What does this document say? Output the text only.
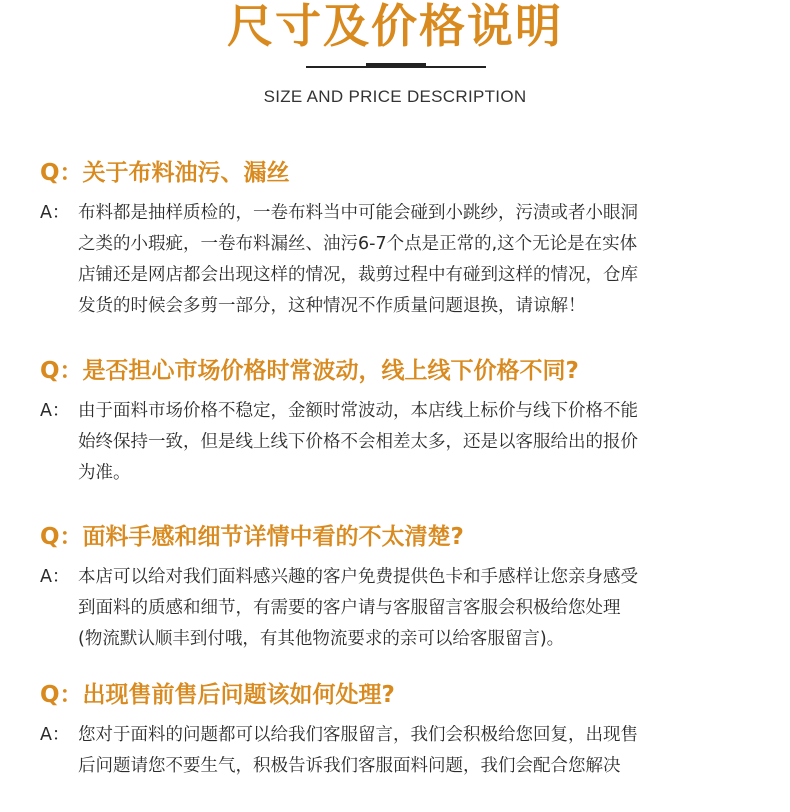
尺寸及价格说明
SIZE AND PRICE DESCRIPTION
Q：关于布料油污、漏丝
A： 布料都是抽样质检的，一卷布料当中可能会碰到小跳纱，污渍或者小眼洞
之类的小瑕疵，一卷布料漏丝、油污6-7个点是正常的,这个无论是在实体
店铺还是网店都会出现这样的情况，裁剪过程中有碰到这样的情况，仓库
发货的时候会多剪一部分，这种情况不作质量问题退换，请谅解！
Q：是否担心市场价格时常波动，线上线下价格不同?
A： 由于面料市场价格不稳定，金额时常波动，本店线上标价与线下价格不能
始终保持一致，但是线上线下价格不会相差太多，还是以客服给出的报价
为准。
Q：面料手感和细节详情中看的不太清楚?
A： 本店可以给对我们面料感兴趣的客户免费提供色卡和手感样让您亲身感受
到面料的质感和细节，有需要的客户请与客服留言客服会积极给您处理
(物流默认顺丰到付哦，有其他物流要求的亲可以给客服留言)。
Q：出现售前售后问题该如何处理?
A： 您对于面料的问题都可以给我们客服留言，我们会积极给您回复，出现售
后问题请您不要生气，积极告诉我们客服面料问题，我们会配合您解决
